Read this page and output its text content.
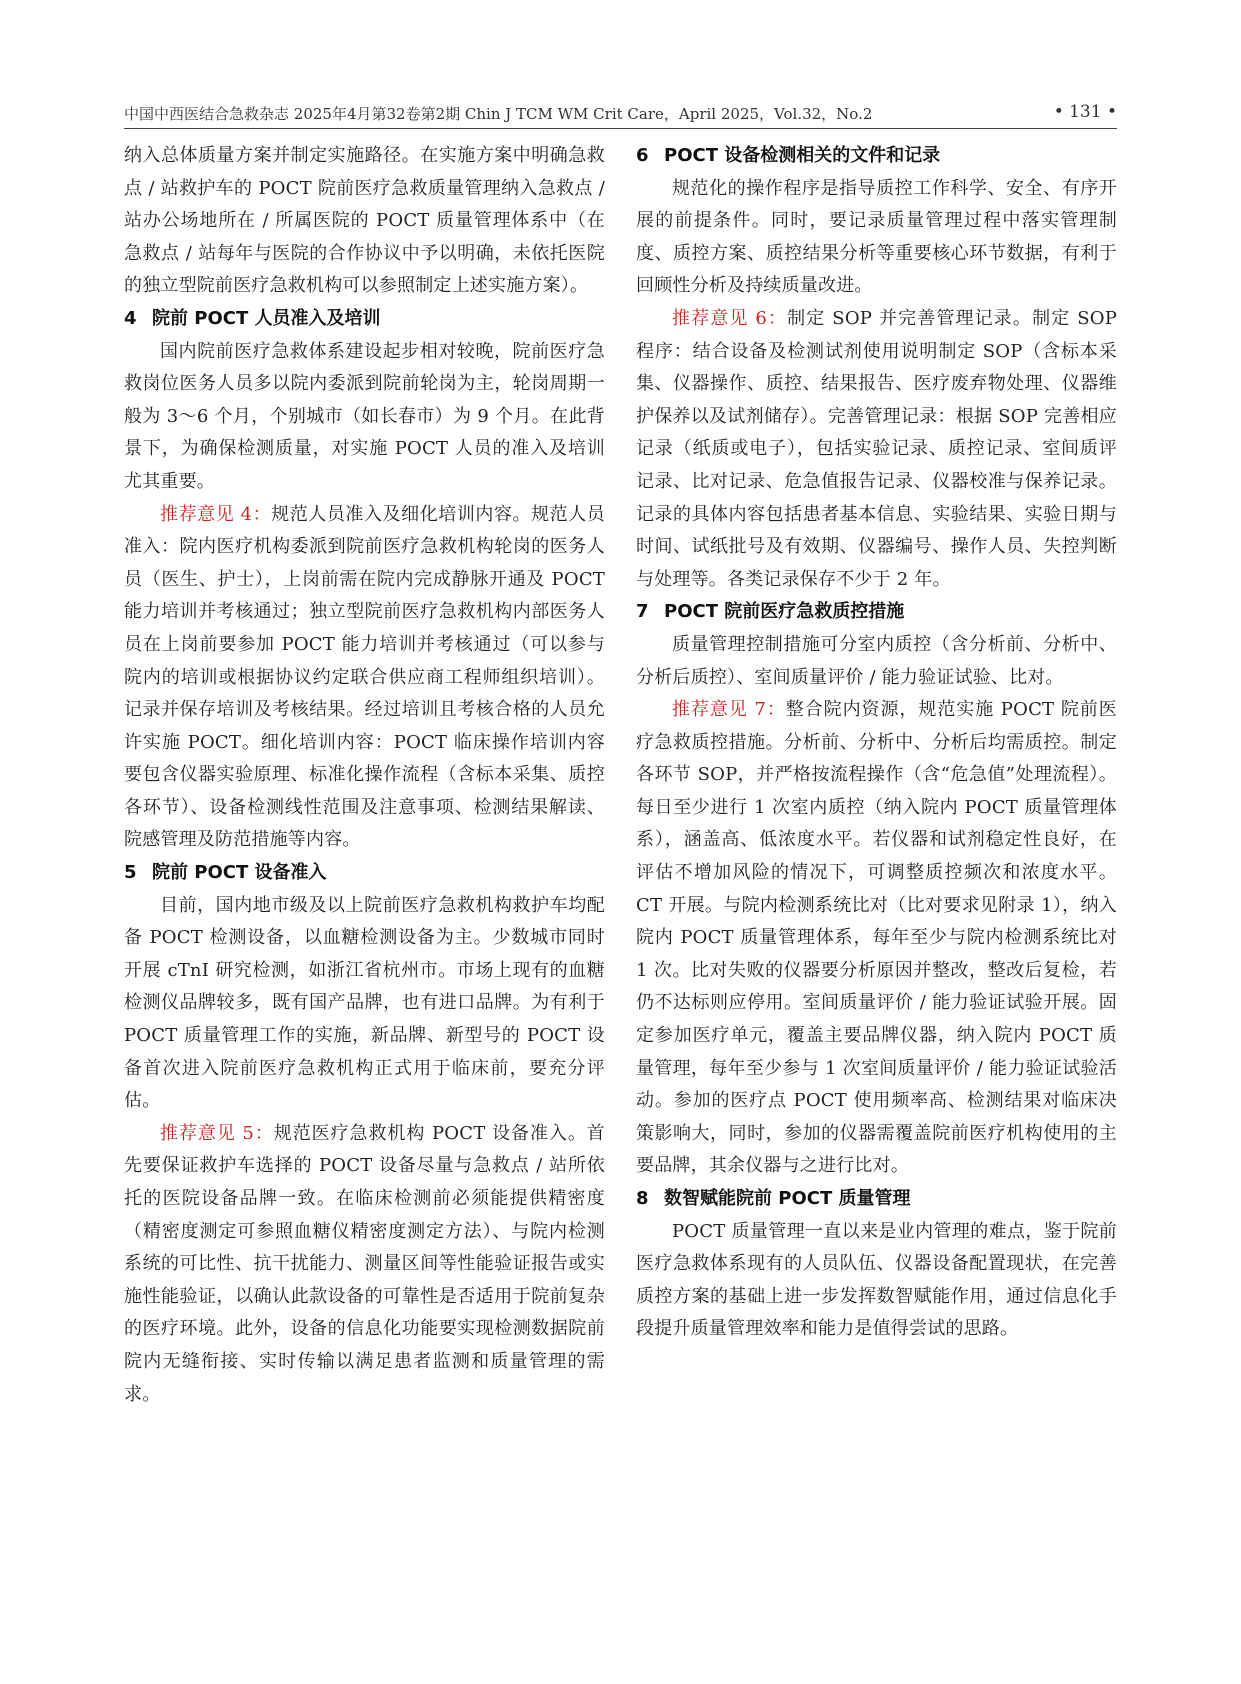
中国中西医结合急救杂志 2025年4月第32卷第2期 Chin J TCM WM Crit Care，April 2025，Vol.32，No.2	• 131 •

纳入总体质量方案并制定实施路径。在实施方案中明确急救点 / 站救护车的 POCT 院前医疗急救质量管理纳入急救点 / 站办公场地所在 / 所属医院的 POCT 质量管理体系中（在急救点 / 站每年与医院的合作协议中予以明确，未依托医院的独立型院前医疗急救机构可以参照制定上述实施方案）。

4 院前 POCT 人员准入及培训

国内院前医疗急救体系建设起步相对较晚，院前医疗急救岗位医务人员多以院内委派到院前轮岗为主，轮岗周期一般为 3～6 个月，个别城市（如长春市）为 9 个月。在此背景下，为确保检测质量，对实施 POCT 人员的准入及培训尤其重要。

推荐意见 4：规范人员准入及细化培训内容。规范人员准入：院内医疗机构委派到院前医疗急救机构轮岗的医务人员（医生、护士），上岗前需在院内完成静脉开通及 POCT 能力培训并考核通过；独立型院前医疗急救机构内部医务人员在上岗前要参加 POCT 能力培训并考核通过（可以参与院内的培训或根据协议约定联合供应商工程师组织培训）。记录并保存培训及考核结果。经过培训且考核合格的人员允许实施 POCT。细化培训内容：POCT 临床操作培训内容要包含仪器实验原理、标准化操作流程（含标本采集、质控各环节）、设备检测线性范围及注意事项、检测结果解读、院感管理及防范措施等内容。

5 院前 POCT 设备准入

目前，国内地市级及以上院前医疗急救机构救护车均配备 POCT 检测设备，以血糖检测设备为主。少数城市同时开展 cTnI 研究检测，如浙江省杭州市。市场上现有的血糖检测仪品牌较多，既有国产品牌，也有进口品牌。为有利于 POCT 质量管理工作的实施，新品牌、新型号的 POCT 设备首次进入院前医疗急救机构正式用于临床前，要充分评估。

推荐意见 5：规范医疗急救机构 POCT 设备准入。首先要保证救护车选择的 POCT 设备尽量与急救点 / 站所依托的医院设备品牌一致。在临床检测前必须能提供精密度（精密度测定可参照血糖仪精密度测定方法）、与院内检测系统的可比性、抗干扰能力、测量区间等性能验证报告或实施性能验证，以确认此款设备的可靠性是否适用于院前复杂的医疗环境。此外，设备的信息化功能要实现检测数据院前院内无缝衔接、实时传输以满足患者监测和质量管理的需求。

6 POCT 设备检测相关的文件和记录

规范化的操作程序是指导质控工作科学、安全、有序开展的前提条件。同时，要记录质量管理过程中落实管理制度、质控方案、质控结果分析等重要核心环节数据，有利于回顾性分析及持续质量改进。

推荐意见 6：制定 SOP 并完善管理记录。制定 SOP 程序：结合设备及检测试剂使用说明制定 SOP（含标本采集、仪器操作、质控、结果报告、医疗废弃物处理、仪器维护保养以及试剂储存）。完善管理记录：根据 SOP 完善相应记录（纸质或电子），包括实验记录、质控记录、室间质评记录、比对记录、危急值报告记录、仪器校准与保养记录。记录的具体内容包括患者基本信息、实验结果、实验日期与时间、试纸批号及有效期、仪器编号、操作人员、失控判断与处理等。各类记录保存不少于 2 年。

7 POCT 院前医疗急救质控措施

质量管理控制措施可分室内质控（含分析前、分析中、分析后质控）、室间质量评价 / 能力验证试验、比对。

推荐意见 7：整合院内资源，规范实施 POCT 院前医疗急救质控措施。分析前、分析中、分析后均需质控。制定各环节 SOP，并严格按流程操作（含“危急值”处理流程）。每日至少进行 1 次室内质控（纳入院内 POCT 质量管理体系），涵盖高、低浓度水平。若仪器和试剂稳定性良好，在评估不增加风险的情况下，可调整质控频次和浓度水平。CT 开展。与院内检测系统比对（比对要求见附录 1），纳入院内 POCT 质量管理体系，每年至少与院内检测系统比对 1 次。比对失败的仪器要分析原因并整改，整改后复检，若仍不达标则应停用。室间质量评价 / 能力验证试验开展。固定参加医疗单元，覆盖主要品牌仪器，纳入院内 POCT 质量管理，每年至少参与 1 次室间质量评价 / 能力验证试验活动。参加的医疗点 POCT 使用频率高、检测结果对临床决策影响大，同时，参加的仪器需覆盖院前医疗机构使用的主要品牌，其余仪器与之进行比对。

8 数智赋能院前 POCT 质量管理

POCT 质量管理一直以来是业内管理的难点，鉴于院前医疗急救体系现有的人员队伍、仪器设备配置现状，在完善质控方案的基础上进一步发挥数智赋能作用，通过信息化手段提升质量管理效率和能力是值得尝试的思路。
